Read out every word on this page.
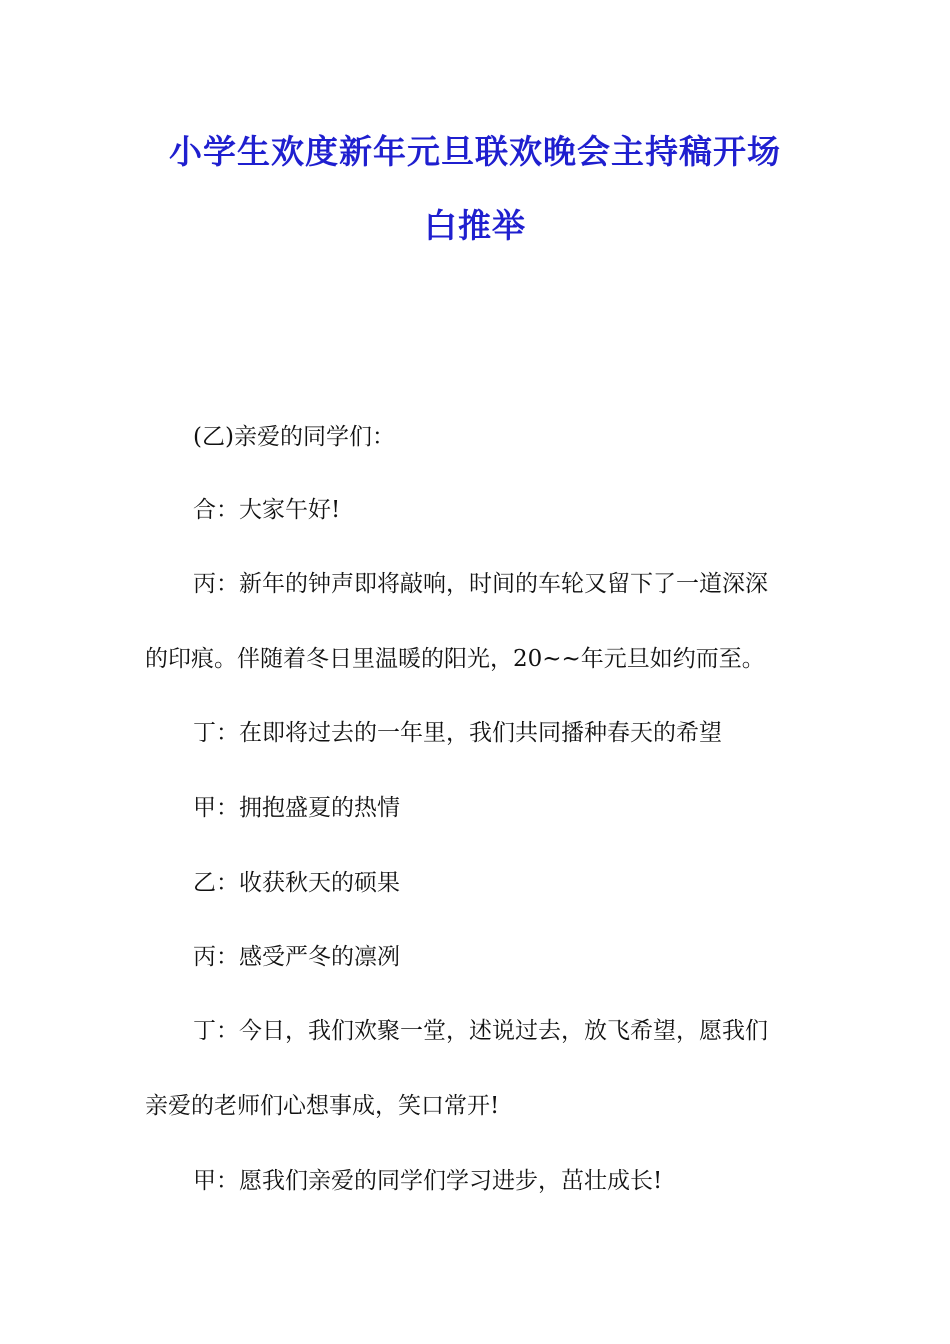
小学生欢度新年元旦联欢晚会主持稿开场
白推举
(乙)亲爱的同学们：
合：大家午好!
丙：新年的钟声即将敲响，时间的车轮又留下了一道深深
的印痕。伴随着冬日里温暖的阳光，20~~年元旦如约而至。
丁：在即将过去的一年里，我们共同播种春天的希望
甲：拥抱盛夏的热情
乙：收获秋天的硕果
丙：感受严冬的凛冽
丁：今日，我们欢聚一堂，述说过去，放飞希望，愿我们
亲爱的老师们心想事成，笑口常开!
甲：愿我们亲爱的同学们学习进步，茁壮成长!
